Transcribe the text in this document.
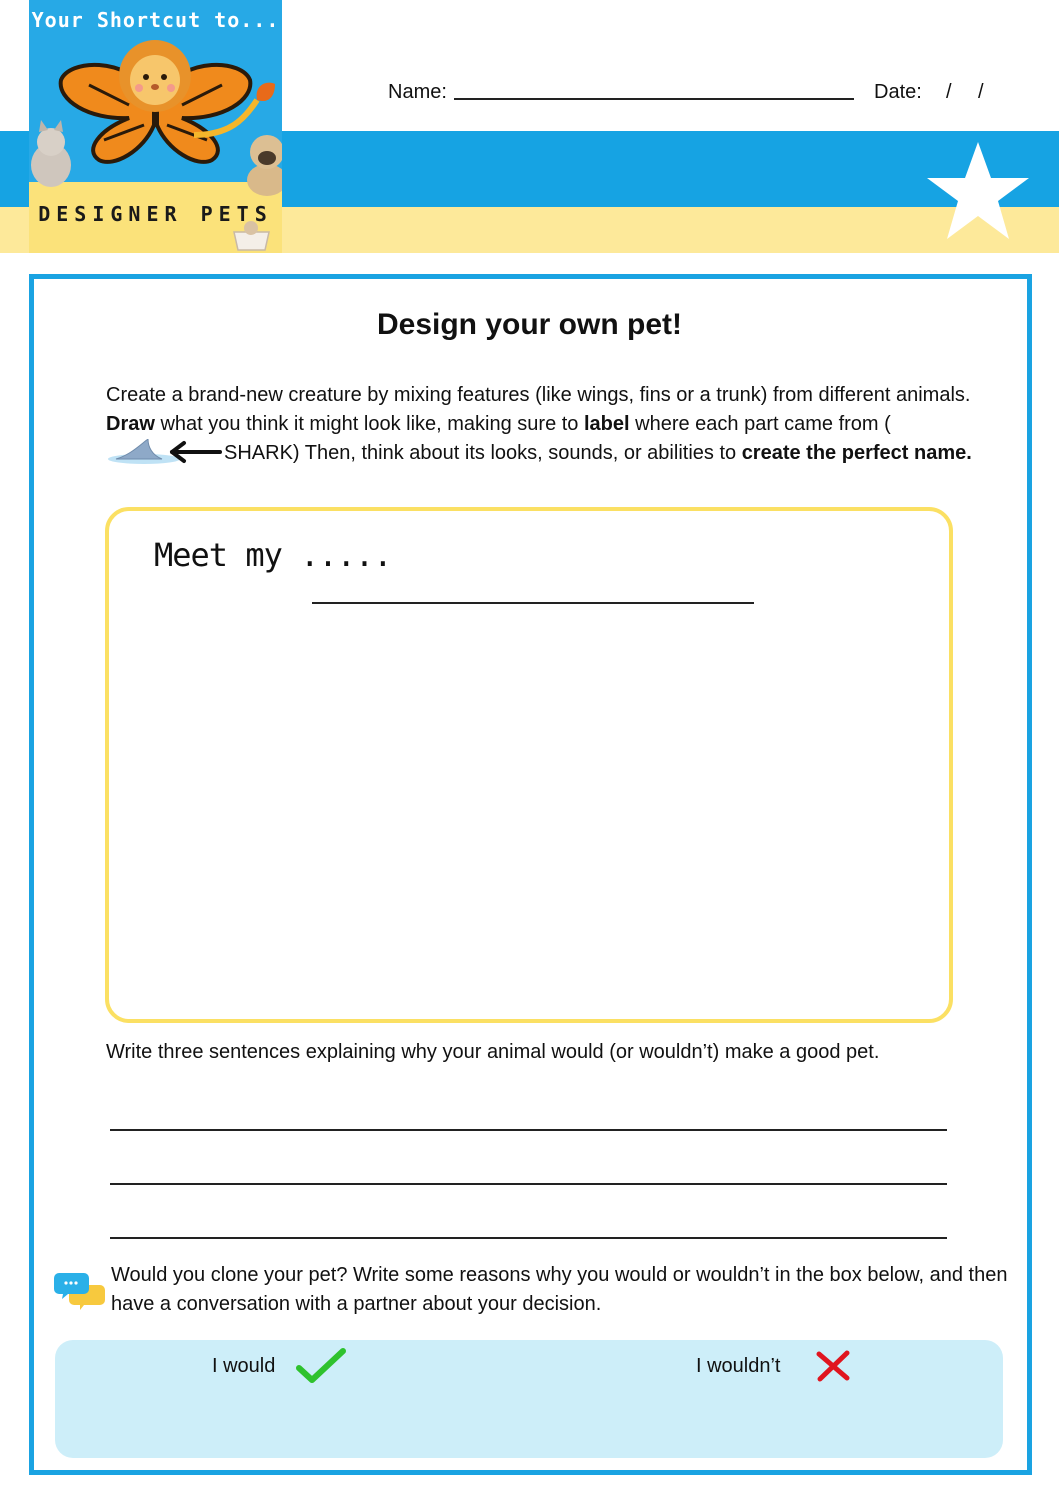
Your Shortcut to...
DESIGNER PETS
Name:	Date: / /
Design your own pet!
Create a brand-new creature by mixing features (like wings, fins or a trunk) from different animals. Draw what you think it might look like, making sure to label where each part came from (
SHARK) Then, think about its looks, sounds, or abilities to create the perfect name.
Meet my .....
Write three sentences explaining why your animal would (or wouldn’t) make a good pet.
Would you clone your pet? Write some reasons why you would or wouldn’t in the box below, and then have a conversation with a partner about your decision.
I would	I wouldn’t
